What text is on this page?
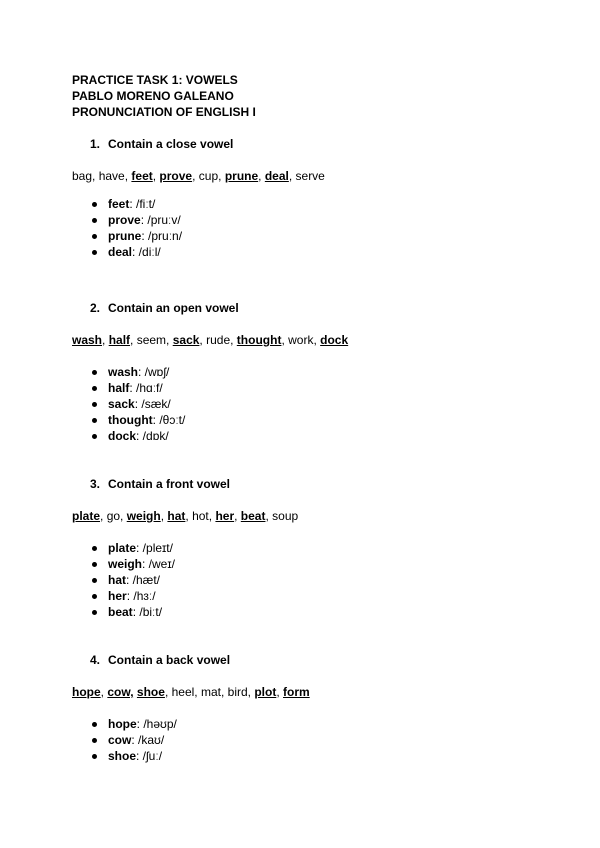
PRACTICE TASK 1: VOWELS
PABLO MORENO GALEANO
PRONUNCIATION OF ENGLISH I
1. Contain a close vowel
bag, have, feet, prove, cup, prune, deal, serve
feet: /fiːt/
prove: /pruːv/
prune: /pruːn/
deal: /diːl/
2. Contain an open vowel
wash, half, seem, sack, rude, thought, work, dock
wash: /wɒʃ/
half: /hɑːf/
sack: /sæk/
thought: /θɔːt/
dock: /dɒk/
3. Contain a front vowel
plate, go, weigh, hat, hot, her, beat, soup
plate: /pleɪt/
weigh: /weɪ/
hat: /hæt/
her: /hɜː/
beat: /biːt/
4. Contain a back vowel
hope, cow, shoe, heel, mat, bird, plot, form
hope: /həʊp/
cow: /kaʊ/
shoe: /ʃuː/
